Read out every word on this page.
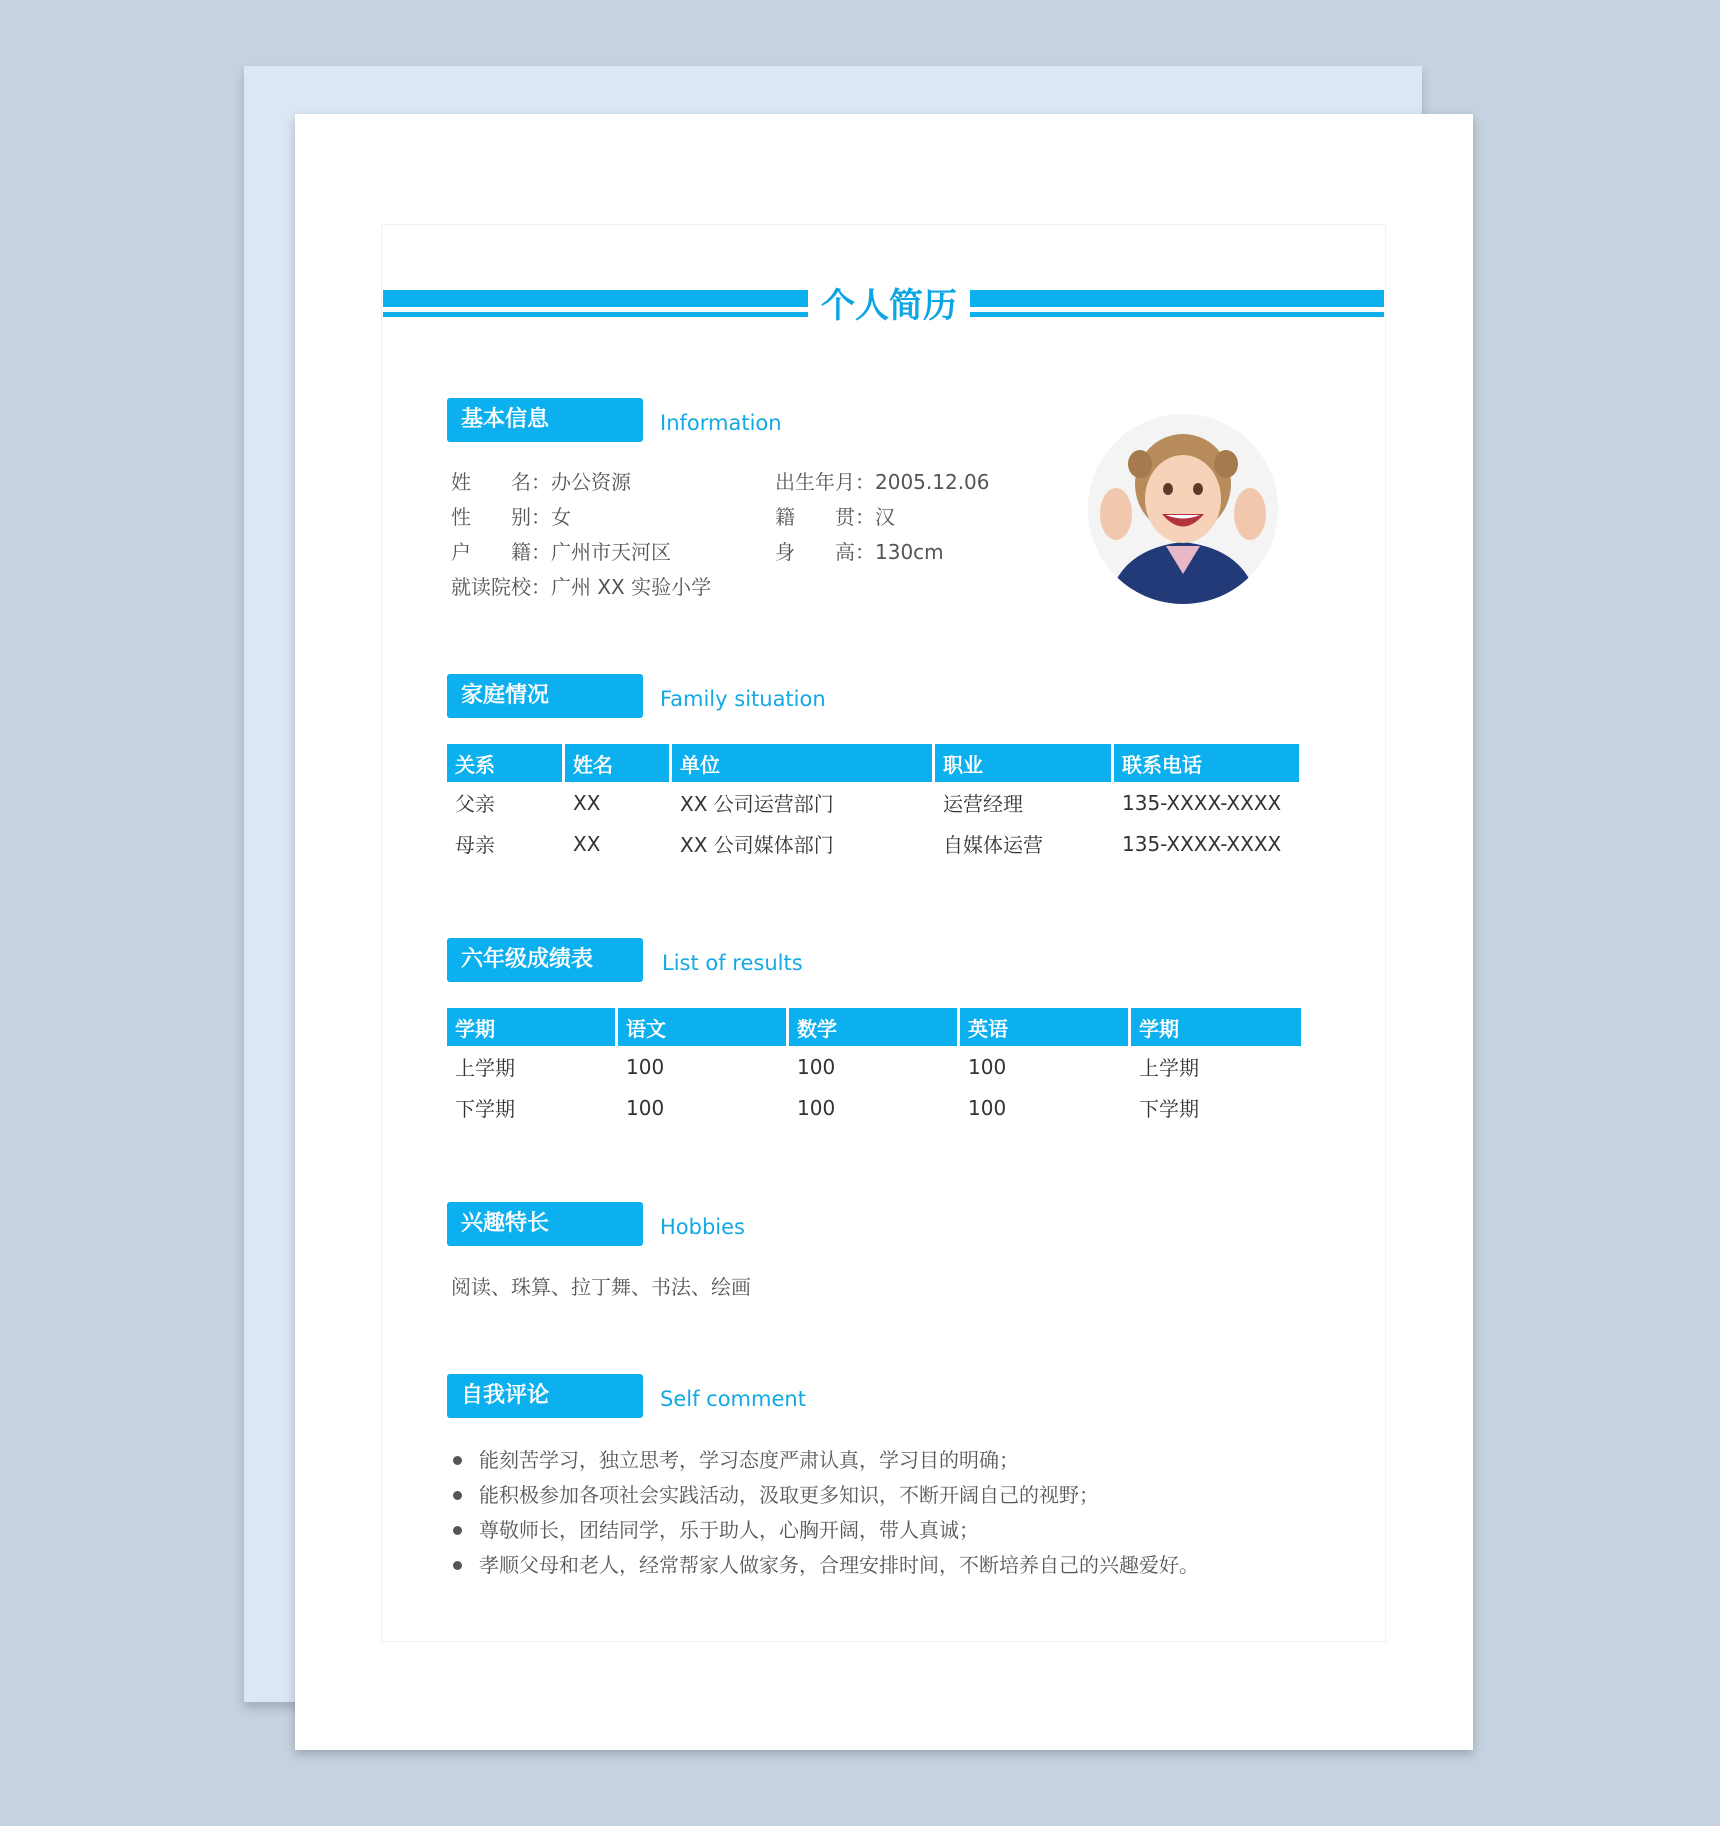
个人简历
基本信息	Information
姓　　名：办公资源
性　　别：女
户　　籍：广州市天河区
就读院校：广州 XX 实验小学
出生年月：2005.12.06
籍　　贯：汉
身　　高：130cm
家庭情况	Family situation
关系	姓名	单位	职业	联系电话
父亲	XX	XX 公司运营部门	运营经理	135-XXXX-XXXX
母亲	XX	XX 公司媒体部门	自媒体运营	135-XXXX-XXXX
六年级成绩表	List of results
学期	语文	数学	英语	学期
上学期	100	100	100	上学期
下学期	100	100	100	下学期
兴趣特长	Hobbies
阅读、珠算、拉丁舞、书法、绘画
自我评论	Self comment
能刻苦学习，独立思考，学习态度严肃认真，学习目的明确；
能积极参加各项社会实践活动，汲取更多知识，不断开阔自己的视野；
尊敬师长，团结同学，乐于助人，心胸开阔，带人真诚；
孝顺父母和老人，经常帮家人做家务，合理安排时间，不断培养自己的兴趣爱好。
